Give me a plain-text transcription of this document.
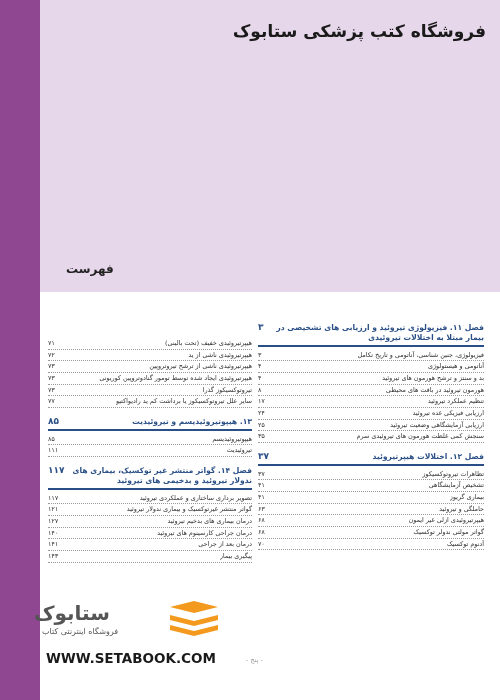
فروشگاه کتب پزشکی ستابوک
فهرست
فصل ۱۱. فیزیولوژی تیروئید و ارزیابی های تشخیصی در بیمار مبتلا به اختلالات تیروئیدی
۳
فیزیولوژی، جنین شناسی، آناتومی و تاریخ تکامل
۳
آناتومی و هیستولوژی
۴
بد و سنتز و ترشح هورمون های تیروئید
۴
هورمون تیروئید در بافت های محیطی
۸
تنظیم عملکرد تیروئید
۱۷
ارزیابی فیزیکی غده تیروئید
۲۴
ارزیابی آزمایشگاهی وضعیت تیروئید
۲۵
سنجش کمی غلظت هورمون های تیروئیدی سرم
۳۵
فصل ۱۲. اختلالات هیپرتیروئید
۳۷
تظاهرات تیروتوکسیکوز
۳۷
تشخیص آزمایشگاهی
۴۱
بیماری گریوز
۴۱
حاملگی و تیروئید
۶۳
هیپرتیروئیدی ازلی غیر ایمون
۶۸
گواتر مولتی ندولر توکسیک
۶۸
آدنوم توکسیک
۷۰
هیپرتیروئیدی خفیف (تحت بالینی)
۷۱
هیپرتیروئیدی ناشی از ید
۷۲
هیپرتیروئیدی ناشی از ترشح تیروتروپین
۷۳
هیپرتیروئیدی ایجاد شده توسط تومور گنادوتروپین کوریونی
۷۳
تیروتوکسیکوز گذرا
۷۳
سایر علل تیروتوکسیکوز یا برداشت کم ید رادیواکتیو
۷۷
۱۳. هیپوتیروئیدیسم و تیروئیدیت
۸۵
هیپوتیروئیدیسم
۸۵
تیروئیدیت
۱۱۱
فصل ۱۴. گواتر منتشر غیر توکسیک، بیماری های ندولار تیروئید و بدخیمی های تیروئید
۱۱۷
تصویر برداری ساختاری و عملکردی تیروئید
۱۱۷
گواتر منتشر غیرتوکسیک و بیماری ندولار تیروئید
۱۲۱
درمان بیماری های بدخیم تیروئید
۱۲۷
درمان جراحی کارسینوم های تیروئید
۱۴۰
درمان بعد از جراحی
۱۴۱
پیگیری بیمار
۱۴۳
ستابوک
فروشگاه اینترنتی کتاب
WWW.SETABOOK.COM	- پنج -
